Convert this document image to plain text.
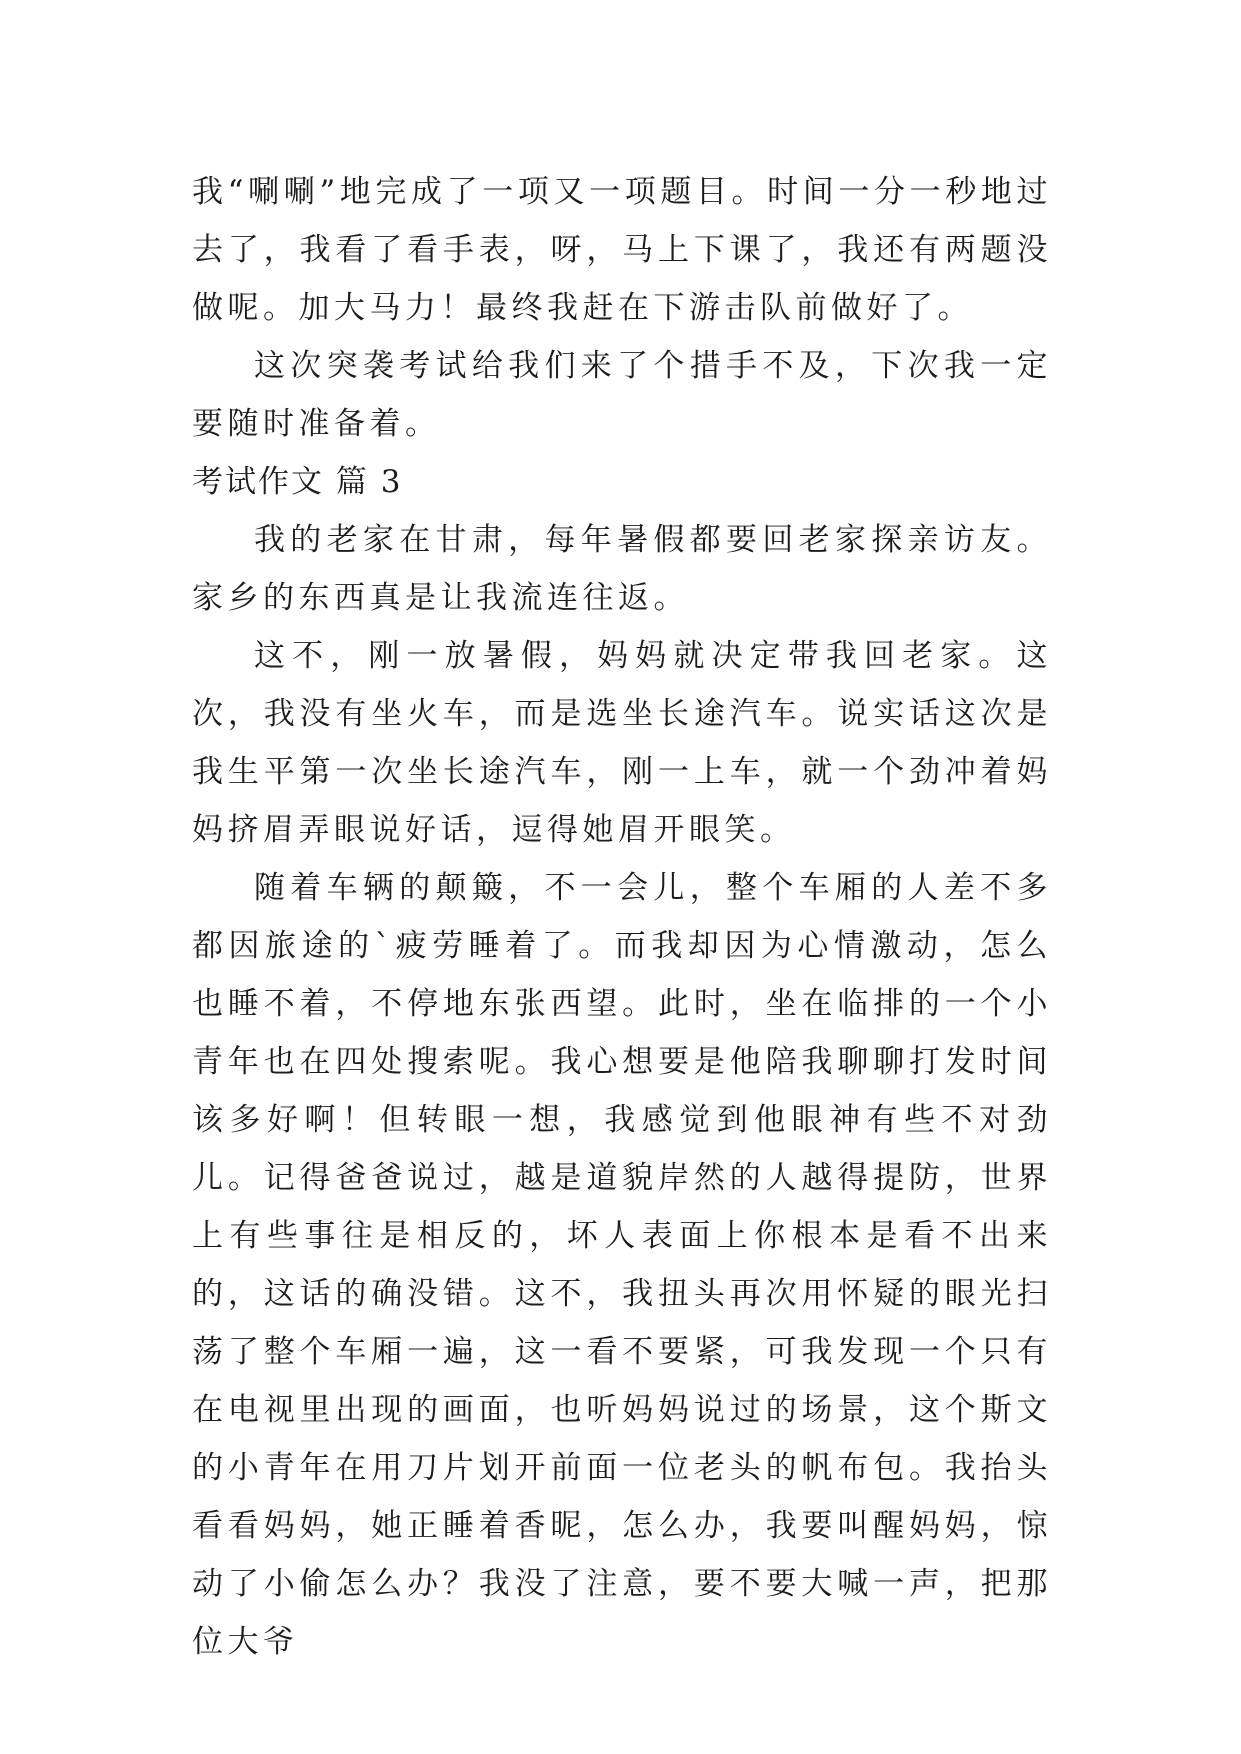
我“唰唰”地完成了一项又一项题目。时间一分一秒地过去了，我看了看手表，呀，马上下课了，我还有两题没做呢。加大马力！最终我赶在下游击队前做好了。

这次突袭考试给我们来了个措手不及，下次我一定要随时准备着。

考试作文 篇 3

我的老家在甘肃，每年暑假都要回老家探亲访友。家乡的东西真是让我流连往返。

这不，刚一放暑假，妈妈就决定带我回老家。这次，我没有坐火车，而是选坐长途汽车。说实话这次是我生平第一次坐长途汽车，刚一上车，就一个劲冲着妈妈挤眉弄眼说好话，逗得她眉开眼笑。

随着车辆的颠簸，不一会儿，整个车厢的人差不多都因旅途的`疲劳睡着了。而我却因为心情激动，怎么也睡不着，不停地东张西望。此时，坐在临排的一个小青年也在四处搜索呢。我心想要是他陪我聊聊打发时间该多好啊！但转眼一想，我感觉到他眼神有些不对劲儿。记得爸爸说过，越是道貌岸然的人越得提防，世界上有些事往是相反的，坏人表面上你根本是看不出来的，这话的确没错。这不，我扭头再次用怀疑的眼光扫荡了整个车厢一遍，这一看不要紧，可我发现一个只有在电视里出现的画面，也听妈妈说过的场景，这个斯文的小青年在用刀片划开前面一位老头的帆布包。我抬头看看妈妈，她正睡着香昵，怎么办，我要叫醒妈妈，惊动了小偷怎么办？我没了注意，要不要大喊一声，把那位大爷
